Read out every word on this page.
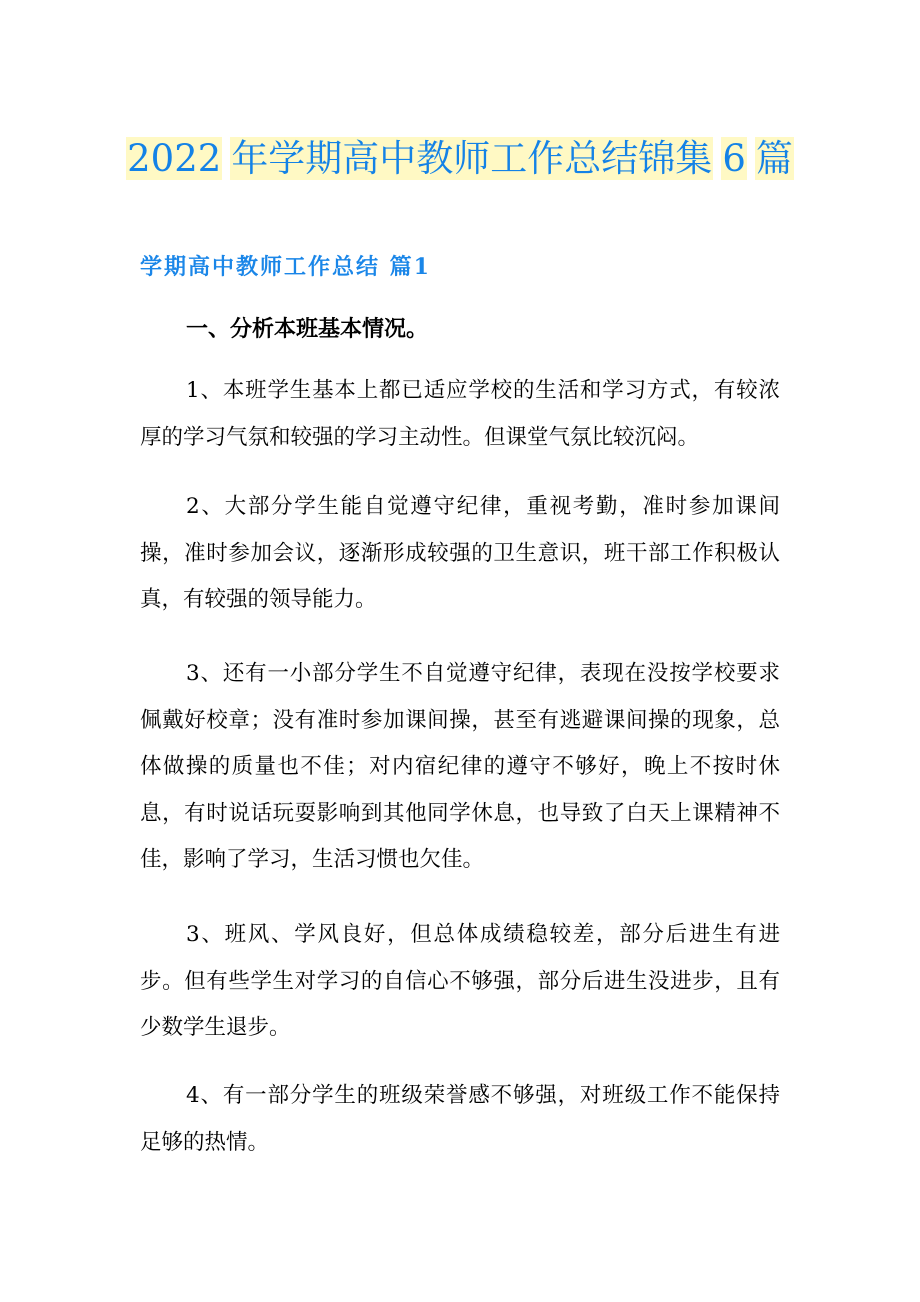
2022 年学期高中教师工作总结锦集 6 篇
学期高中教师工作总结 篇1
一、分析本班基本情况。

1、本班学生基本上都已适应学校的生活和学习方式，有较浓厚的学习气氛和较强的学习主动性。但课堂气氛比较沉闷。

2、大部分学生能自觉遵守纪律，重视考勤，准时参加课间操，准时参加会议，逐渐形成较强的卫生意识，班干部工作积极认真，有较强的领导能力。

3、还有一小部分学生不自觉遵守纪律，表现在没按学校要求佩戴好校章；没有准时参加课间操，甚至有逃避课间操的现象，总体做操的质量也不佳；对内宿纪律的遵守不够好，晚上不按时休息，有时说话玩耍影响到其他同学休息，也导致了白天上课精神不佳，影响了学习，生活习惯也欠佳。

3、班风、学风良好，但总体成绩稳较差，部分后进生有进步。但有些学生对学习的自信心不够强，部分后进生没进步，且有少数学生退步。

4、有一部分学生的班级荣誉感不够强，对班级工作不能保持足够的热情。
